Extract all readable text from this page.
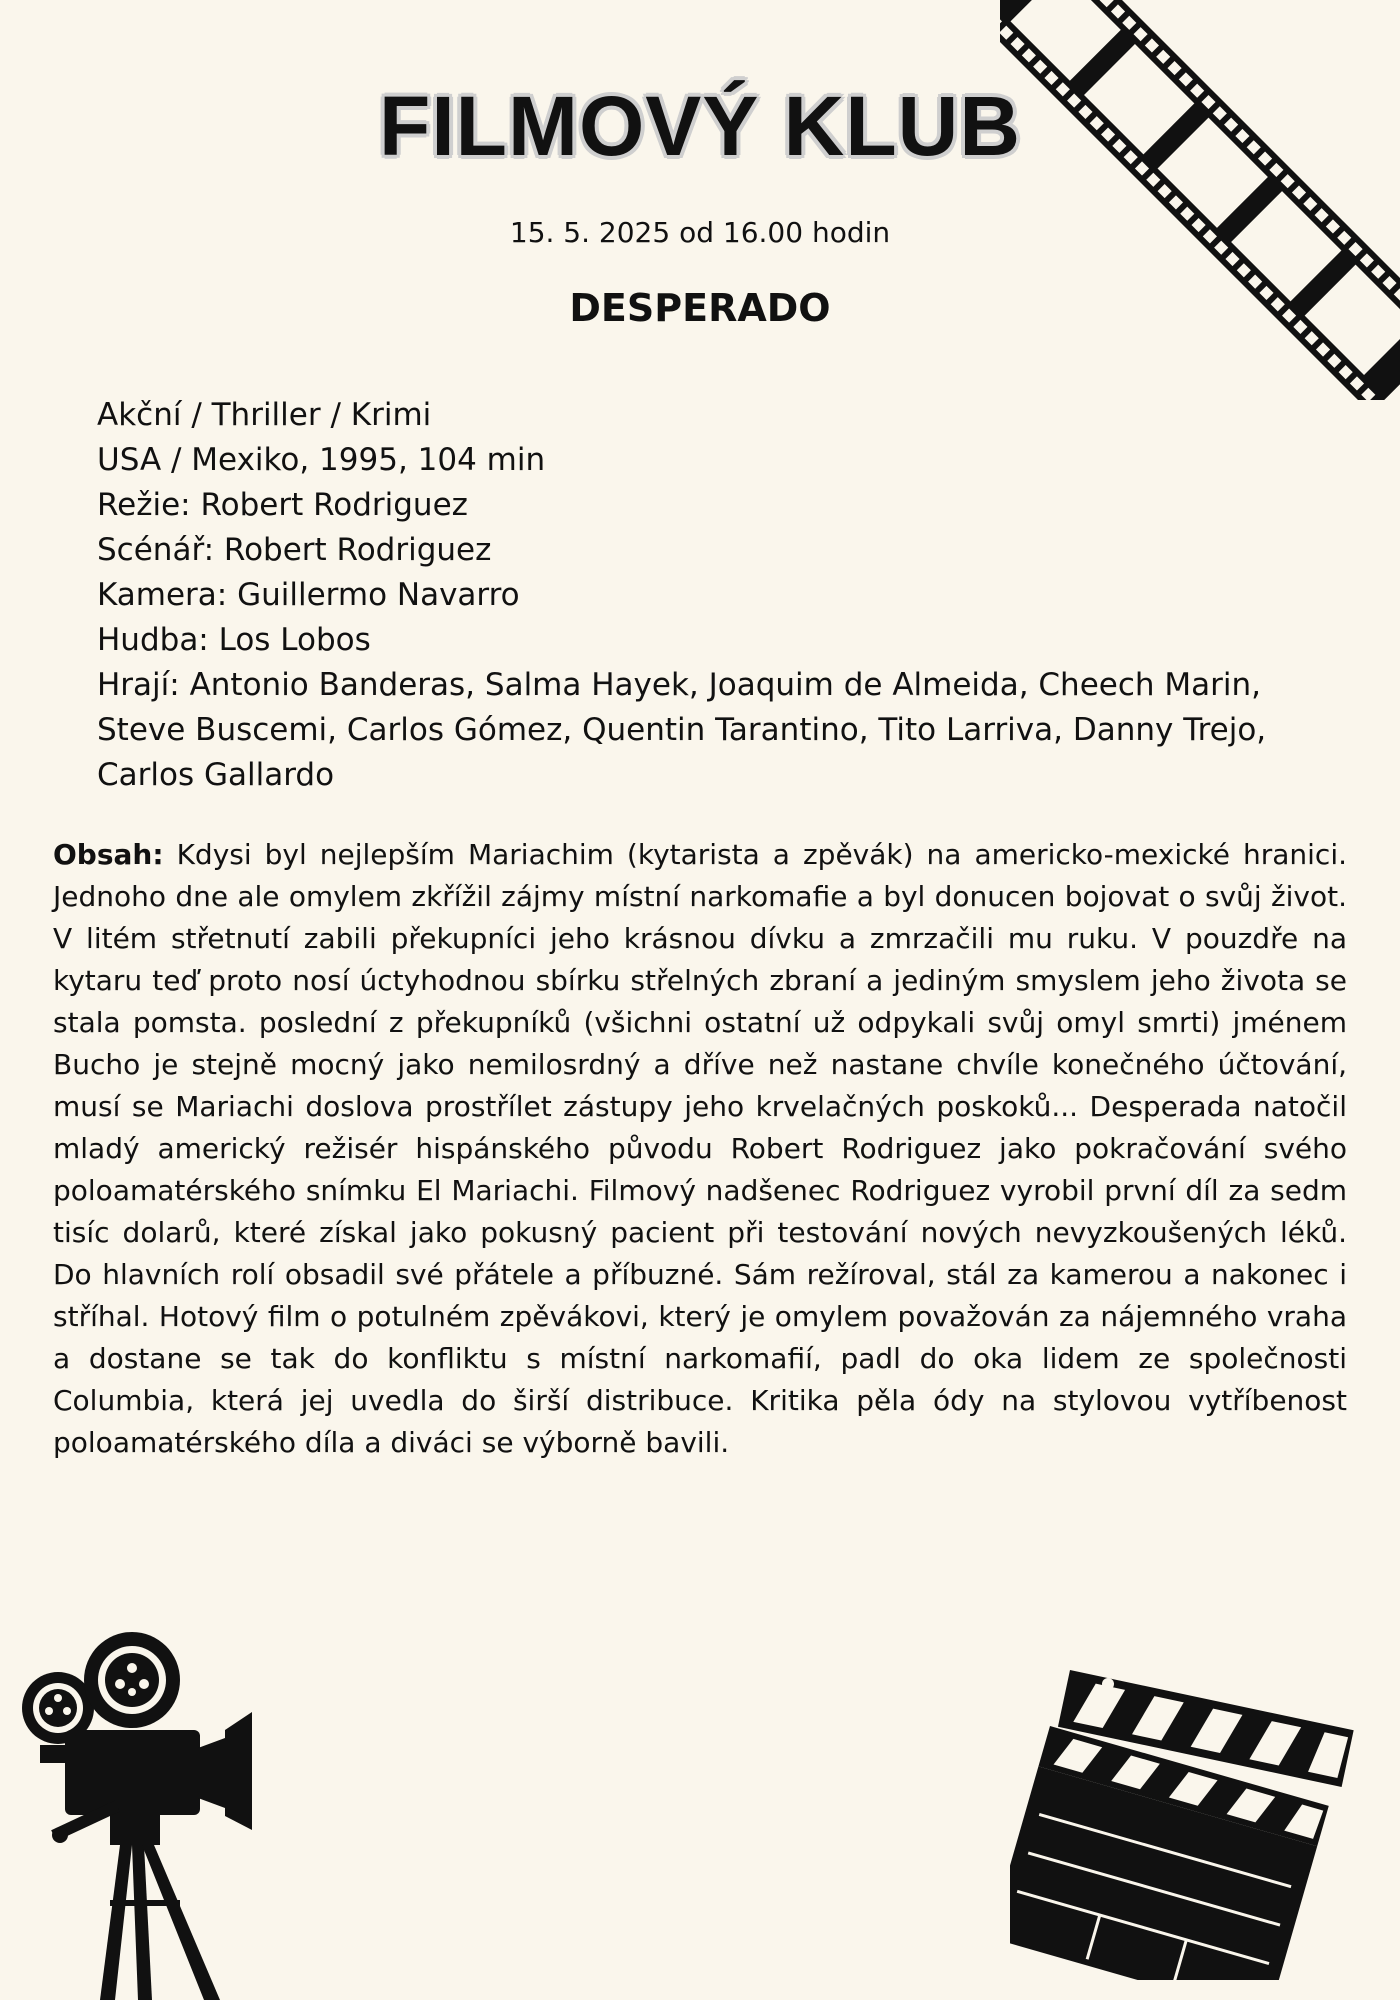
FILMOVÝ KLUB
15. 5. 2025 od 16.00 hodin
DESPERADO
Akční / Thriller / Krimi
USA / Mexiko, 1995, 104 min
Režie: Robert Rodriguez
Scénář: Robert Rodriguez
Kamera: Guillermo Navarro
Hudba: Los Lobos
Hrají: Antonio Banderas, Salma Hayek, Joaquim de Almeida, Cheech Marin,
Steve Buscemi, Carlos Gómez, Quentin Tarantino, Tito Larriva, Danny Trejo,
Carlos Gallardo
Obsah: Kdysi byl nejlepším Mariachim (kytarista a zpěvák) na americko-mexické hranici. Jednoho dne ale omylem zkřížil zájmy místní narkomafie a byl donucen bojovat o svůj život. V litém střetnutí zabili překupníci jeho krásnou dívku a zmrzačili mu ruku. V pouzdře na kytaru teď proto nosí úctyhodnou sbírku střelných zbraní a jediným smyslem jeho života se stala pomsta. poslední z překupníků (všichni ostatní už odpykali svůj omyl smrti) jménem Bucho je stejně mocný jako nemilosrdný a dříve než nastane chvíle konečného účtování, musí se Mariachi doslova prostřílet zástupy jeho krvelačných poskoků... Desperada natočil mladý americký režisér hispánského původu Robert Rodriguez jako pokračování svého poloamatérského snímku El Mariachi. Filmový nadšenec Rodriguez vyrobil první díl za sedm tisíc dolarů, které získal jako pokusný pacient při testování nových nevyzkoušených léků. Do hlavních rolí obsadil své přátele a příbuzné. Sám režíroval, stál za kamerou a nakonec i stříhal. Hotový film o potulném zpěvákovi, který je omylem považován za nájemného vraha a dostane se tak do konfliktu s místní narkomafií, padl do oka lidem ze společnosti Columbia, která jej uvedla do širší distribuce. Kritika pěla ódy na stylovou vytříbenost poloamatérského díla a diváci se výborně bavili.
